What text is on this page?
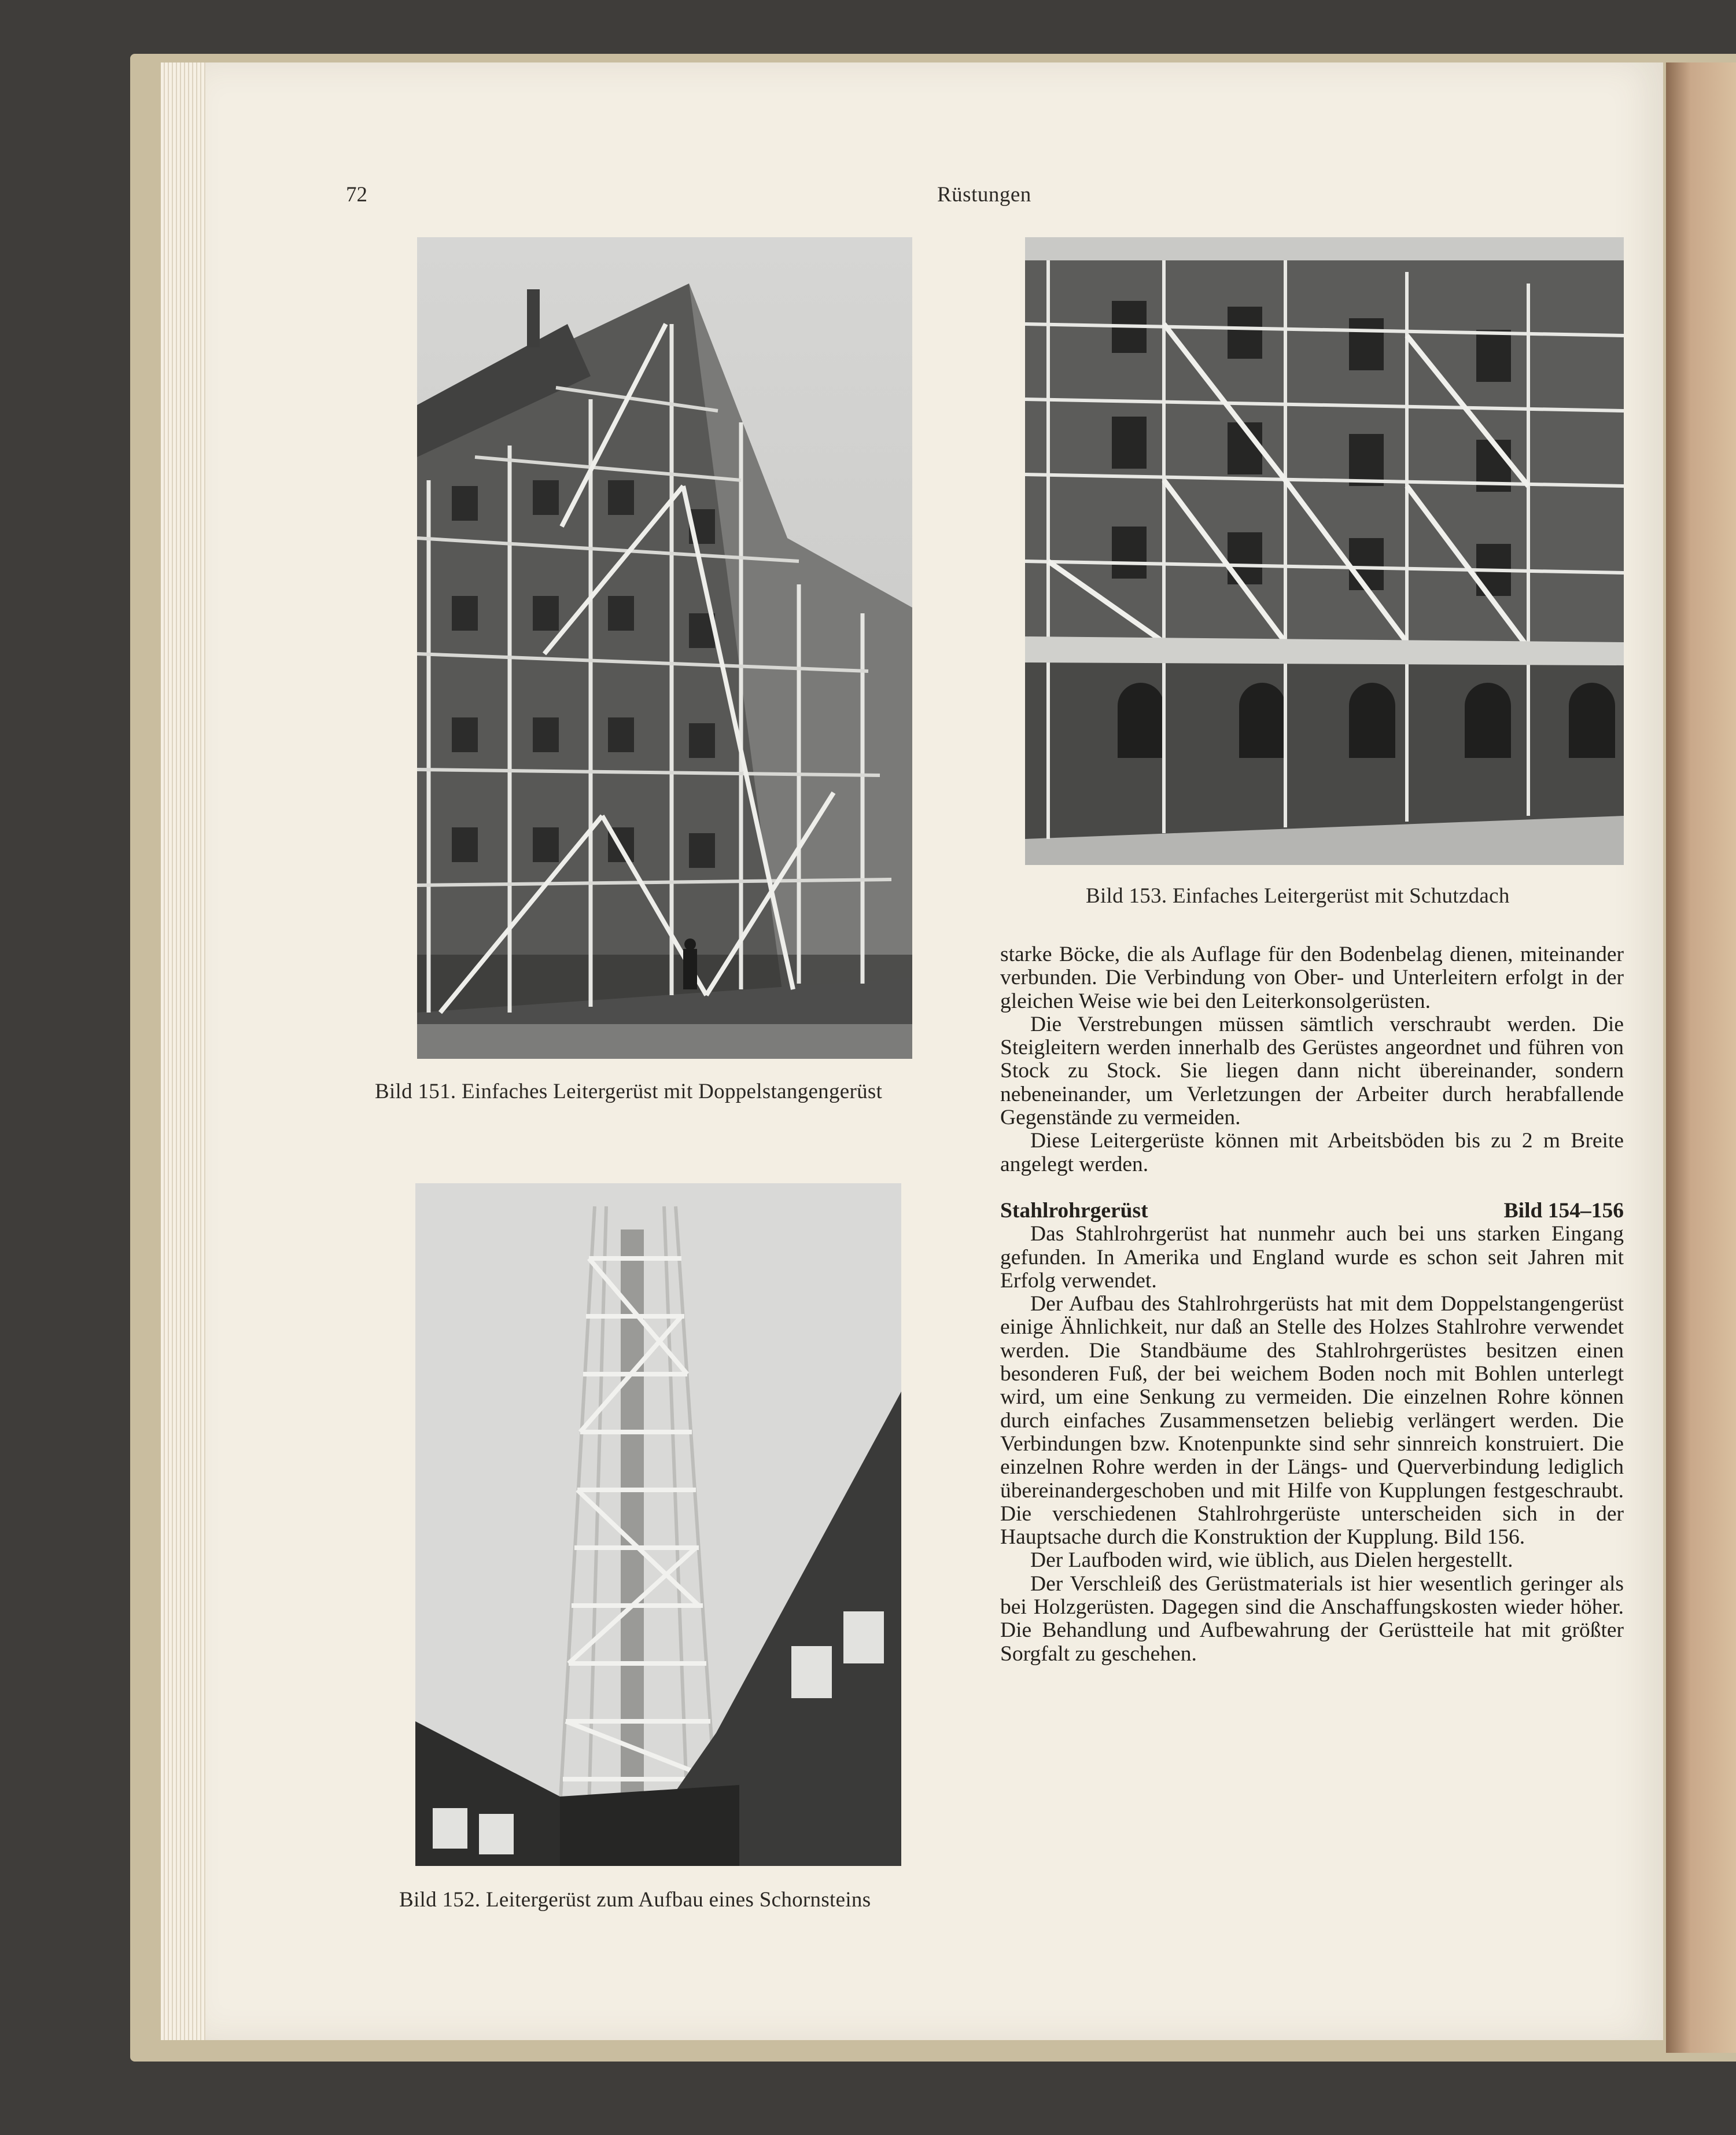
72	Rüstungen
Bild 151. Einfaches Leitergerüst mit Doppelstangengerüst
Bild 152. Leitergerüst zum Aufbau eines Schornsteins
Bild 153. Einfaches Leitergerüst mit Schutzdach

starke Böcke, die als Auflage für den Bodenbelag dienen, miteinander verbunden. Die Verbindung von Ober- und Unterleitern erfolgt in der gleichen Weise wie bei den Leiterkonsolgerüsten.

Die Verstrebungen müssen sämtlich verschraubt werden. Die Steigleitern werden innerhalb des Gerüstes angeordnet und führen von Stock zu Stock. Sie liegen dann nicht übereinander, sondern nebeneinander, um Verletzungen der Arbeiter durch herabfallende Gegenstände zu vermeiden.

Diese Leitergerüste können mit Arbeitsböden bis zu 2 m Breite angelegt werden.

Stahlrohrgerüst	Bild 154–156

Das Stahlrohrgerüst hat nunmehr auch bei uns starken Eingang gefunden. In Amerika und England wurde es schon seit Jahren mit Erfolg verwendet.

Der Aufbau des Stahlrohrgerüsts hat mit dem Doppelstangengerüst einige Ähnlichkeit, nur daß an Stelle des Holzes Stahlrohre verwendet werden. Die Standbäume des Stahlrohrgerüstes besitzen einen besonderen Fuß, der bei weichem Boden noch mit Bohlen unterlegt wird, um eine Senkung zu vermeiden. Die einzelnen Rohre können durch einfaches Zusammensetzen beliebig verlängert werden. Die Verbindungen bzw. Knotenpunkte sind sehr sinnreich konstruiert. Die einzelnen Rohre werden in der Längs- und Querverbindung lediglich übereinandergeschoben und mit Hilfe von Kupplungen festgeschraubt. Die verschiedenen Stahlrohrgerüste unterscheiden sich in der Hauptsache durch die Konstruktion der Kupplung. Bild 156.

Der Laufboden wird, wie üblich, aus Dielen hergestellt.

Der Verschleiß des Gerüstmaterials ist hier wesentlich geringer als bei Holzgerüsten. Dagegen sind die Anschaffungskosten wieder höher. Die Behandlung und Aufbewahrung der Gerüstteile hat mit größter Sorgfalt zu geschehen.
